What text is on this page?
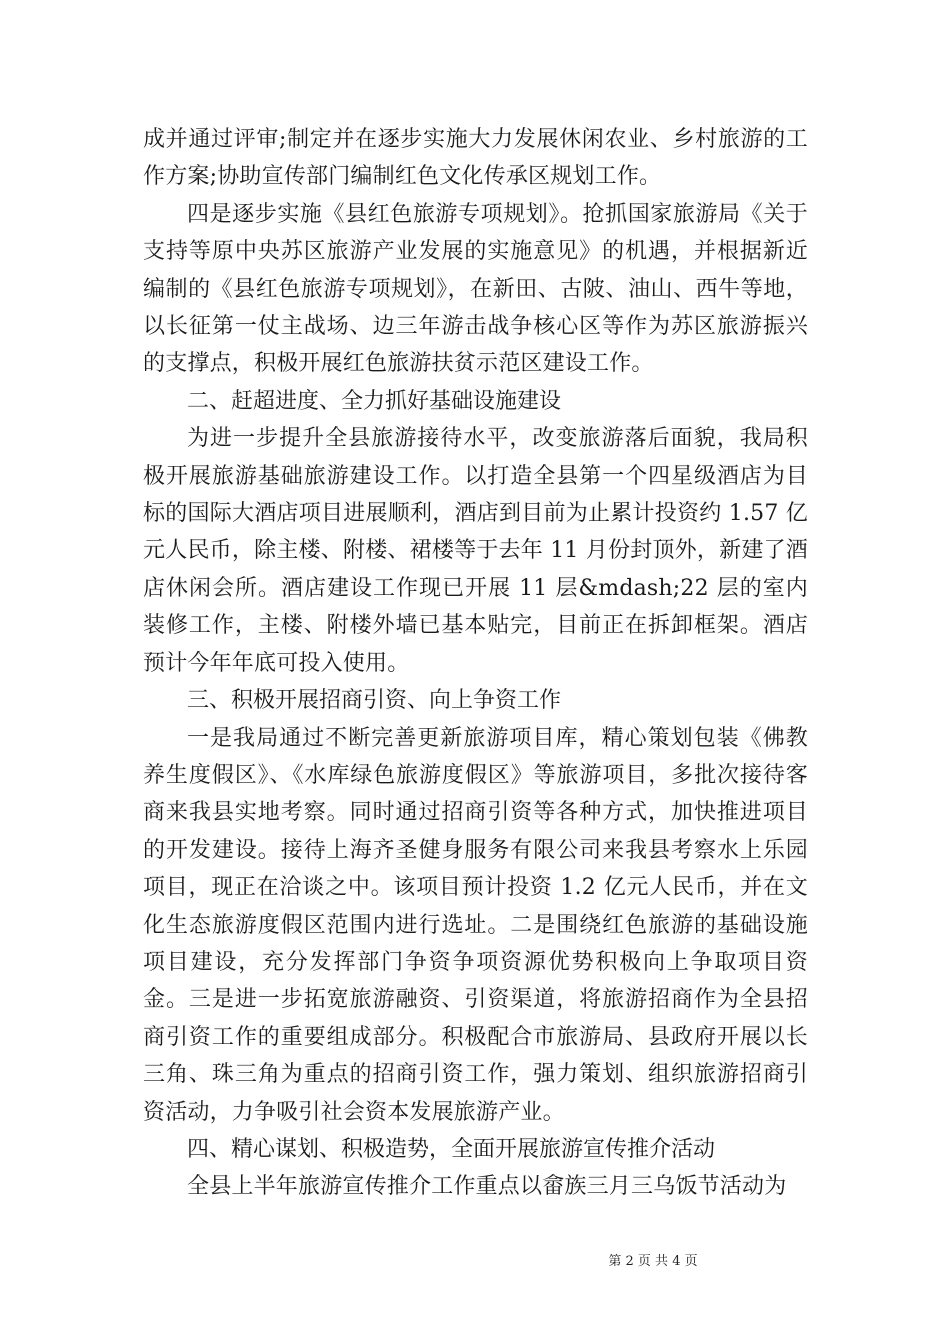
成并通过评审;制定并在逐步实施大力发展休闲农业、乡村旅游的工作方案;协助宣传部门编制红色文化传承区规划工作。

四是逐步实施《县红色旅游专项规划》。抢抓国家旅游局《关于支持等原中央苏区旅游产业发展的实施意见》的机遇，并根据新近编制的《县红色旅游专项规划》，在新田、古陂、油山、西牛等地，以长征第一仗主战场、边三年游击战争核心区等作为苏区旅游振兴的支撑点，积极开展红色旅游扶贫示范区建设工作。

二、赶超进度、全力抓好基础设施建设

为进一步提升全县旅游接待水平，改变旅游落后面貌，我局积极开展旅游基础旅游建设工作。以打造全县第一个四星级酒店为目标的国际大酒店项目进展顺利，酒店到目前为止累计投资约 1.57 亿元人民币，除主楼、附楼、裙楼等于去年 11 月份封顶外，新建了酒店休闲会所。酒店建设工作现已开展 11 层&mdash;22 层的室内装修工作，主楼、附楼外墙已基本贴完，目前正在拆卸框架。酒店预计今年年底可投入使用。

三、积极开展招商引资、向上争资工作

一是我局通过不断完善更新旅游项目库，精心策划包装《佛教养生度假区》、《水库绿色旅游度假区》等旅游项目，多批次接待客商来我县实地考察。同时通过招商引资等各种方式，加快推进项目的开发建设。接待上海齐圣健身服务有限公司来我县考察水上乐园项目，现正在洽谈之中。该项目预计投资 1.2 亿元人民币，并在文化生态旅游度假区范围内进行选址。二是围绕红色旅游的基础设施项目建设，充分发挥部门争资争项资源优势积极向上争取项目资金。三是进一步拓宽旅游融资、引资渠道，将旅游招商作为全县招商引资工作的重要组成部分。积极配合市旅游局、县政府开展以长三角、珠三角为重点的招商引资工作，强力策划、组织旅游招商引资活动，力争吸引社会资本发展旅游产业。

四、精心谋划、积极造势，全面开展旅游宣传推介活动

全县上半年旅游宣传推介工作重点以畲族三月三乌饭节活动为

第 2 页 共 4 页
